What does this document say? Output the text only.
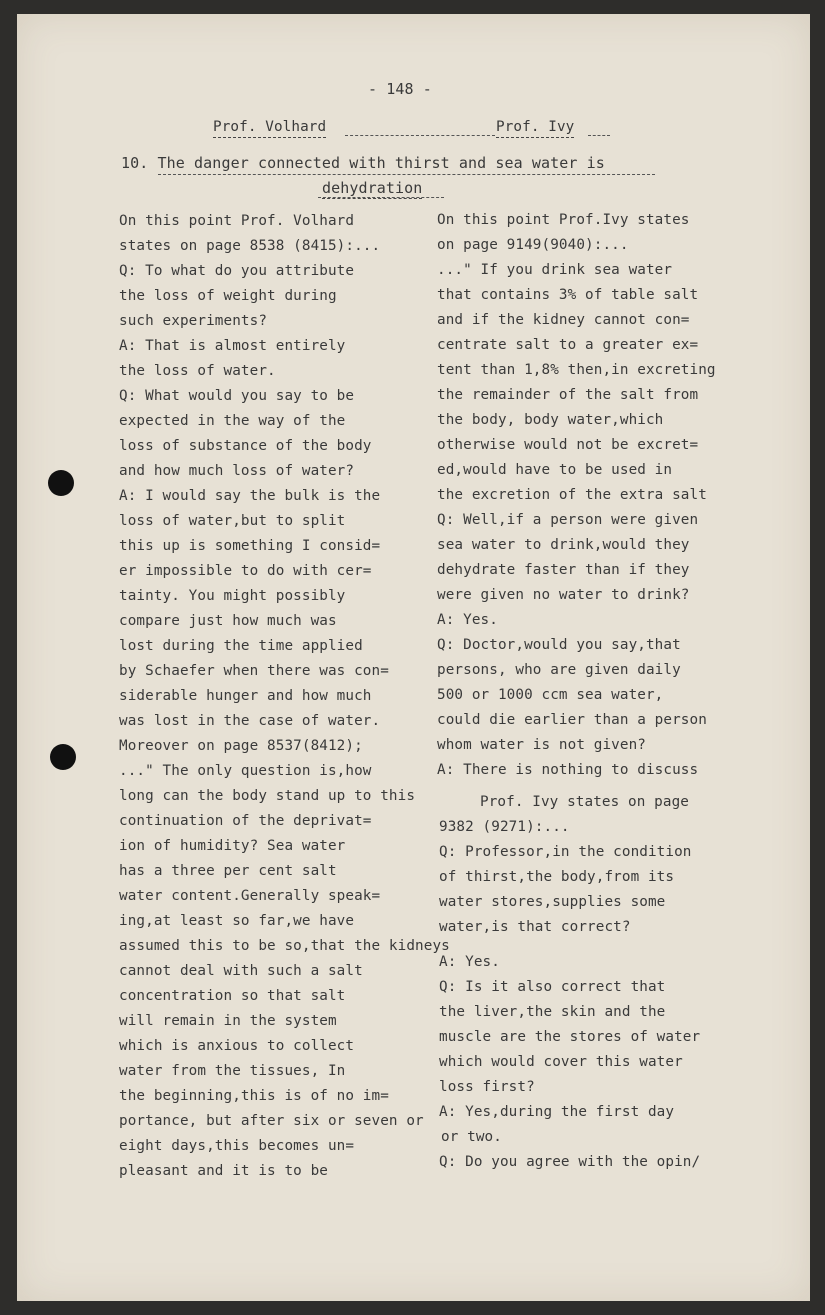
- 148 -
Prof. Volhard	Prof. Ivy
10. The danger connected with thirst and sea water is
dehydration
On this point Prof. Volhard
states on page 8538 (8415):...
Q: To what do you attribute
the loss of weight during
such experiments?
A: That is almost entirely
the loss of water.
Q: What would you say to be
expected in the way of the
loss of substance of the body
and how much loss of water?
A: I would say the bulk is the
loss of water,but to split
this up is something I consid=
er impossible to do with cer=
tainty. You might possibly
compare just how much was
lost during the time applied
by Schaefer when there was con=
siderable hunger and how much
was lost in the case of water.
Moreover on page 8537(8412);
..." The only question is,how
long can the body stand up to this
continuation of the deprivat=
ion of humidity? Sea water
has a three per cent salt
water content.Generally speak=
ing,at least so far,we have
assumed this to be so,that the kidneys
cannot deal with such a salt
concentration so that salt
will remain in the system
which is anxious to collect
water from the tissues, In
the beginning,this is of no im=
portance, but after six or seven or
eight days,this becomes un=
pleasant and it is to be
On this point Prof.Ivy states
on page 9149(9040):...
..." If you drink sea water
that contains 3% of table salt
and if the kidney cannot con=
centrate salt to a greater ex=
tent than 1,8% then,in excreting
the remainder of the salt from
the body, body water,which
otherwise would not be excret=
ed,would have to be used in
the excretion of the extra salt
Q: Well,if a person were given
sea water to drink,would they
dehydrate faster than if they
were given no water to drink?
A: Yes.
Q: Doctor,would you say,that
persons, who are given daily
500 or 1000 ccm sea water,
could die earlier than a person
whom water is not given?
A: There is nothing to discuss
Prof. Ivy states on page
9382 (9271):...
Q: Professor,in the condition
of thirst,the body,from its
water stores,supplies some
water,is that correct?
A: Yes.
Q: Is it also correct that
the liver,the skin and the
muscle are the stores of water
which would cover this water
loss first?
A: Yes,during the first day
or two.
Q: Do you agree with the opin∕
